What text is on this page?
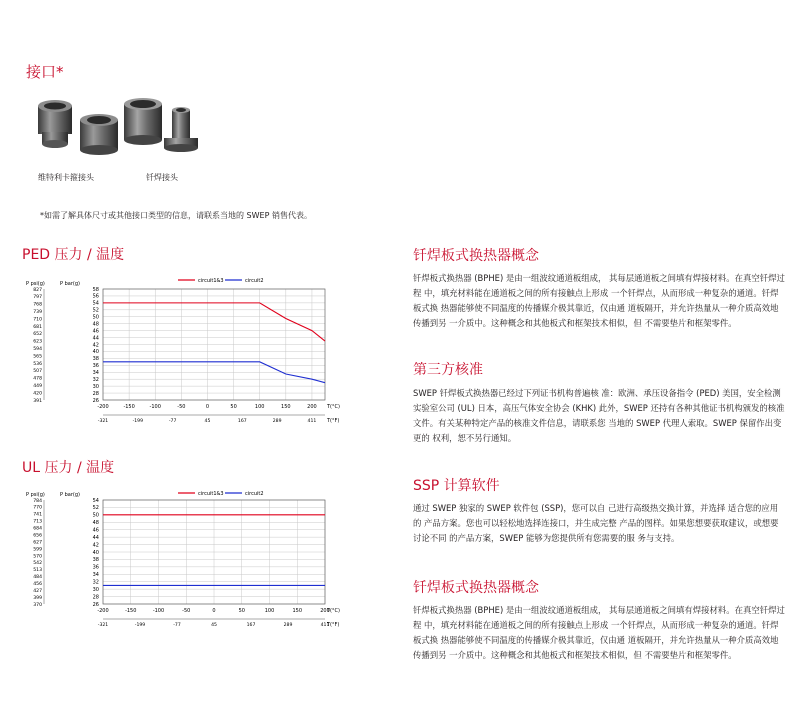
接口*
维特利卡箍接头	钎焊接头
*如需了解具体尺寸或其他接口类型的信息，请联系当地的 SWEP 销售代表。
PED 压力 / 温度
circuit1&3	circuit2
P psi(g)	P bar(g)
58
56
54
52
50
48
46
44
42
40
38
36
34
32
30
28
26
827
797
768
739
710
681
652
623
594
565
536
507
478
449
420
391
-200	-150	-100	-50	0	50	100	150	200 T(°C)
-321	-199	-77	45	167	289	411 T(°F)
UL 压力 / 温度
circuit1&3	circuit2
P psi(g)	P bar(g)
54
52
50
48
46
44
42
40
38
36
34
32
30
28
26
784
770
741
713
684
656
627
599
570
542
513
484
456
427
399
370
-200	-150	-100	-50	0	50	100	150	200
T(°C)
-321	-199	-77	45	167	289	411
T(°F)
钎焊板式换热器概念
钎焊板式换热器 (BPHE) 是由一组波纹通道板组成， 其每层通道板之间填有焊接材料。在真空钎焊过程 中，填充材料能在通道板之间的所有接触点上形成 一个钎焊点，从而形成一种复杂的通道。钎焊板式换 热器能够使不同温度的传播媒介极其靠近，仅由通 道板隔开，并允许热量从一种介质高效地传播到另 一介质中。这种概念和其他板式和框架技术相似，但 不需要垫片和框架零件。
第三方核准
SWEP 钎焊板式换热器已经过下列证书机构普遍核 准：欧洲、承压设备指令 (PED) 美国，安全检测实验室公司 (UL) 日本，高压气体安全协会 (KHK) 此外，SWEP 还持有各种其他证书机构颁发的核准 文件。有关某种特定产品的核准文件信息，请联系您 当地的 SWEP 代理人索取。SWEP 保留作出变更的 权利，恕不另行通知。
SSP 计算软件
通过 SWEP 独家的 SWEP 软件包 (SSP)，您可以自 己进行高级热交换计算，并选择 适合您的应用的 产品方案。您也可以轻松地选择连接口，并生成完整 产品的图样。如果您想要获取建议，或想要讨论不同 的产品方案，SWEP 能够为您提供所有您需要的服 务与支持。
钎焊板式换热器概念
钎焊板式换热器 (BPHE) 是由一组波纹通道板组成， 其每层通道板之间填有焊接材料。在真空钎焊过程 中，填充材料能在通道板之间的所有接触点上形成 一个钎焊点，从而形成一种复杂的通道。钎焊板式换 热器能够使不同温度的传播媒介极其靠近，仅由通 道板隔开，并允许热量从一种介质高效地传播到另 一介质中。这种概念和其他板式和框架技术相似，但 不需要垫片和框架零件。
